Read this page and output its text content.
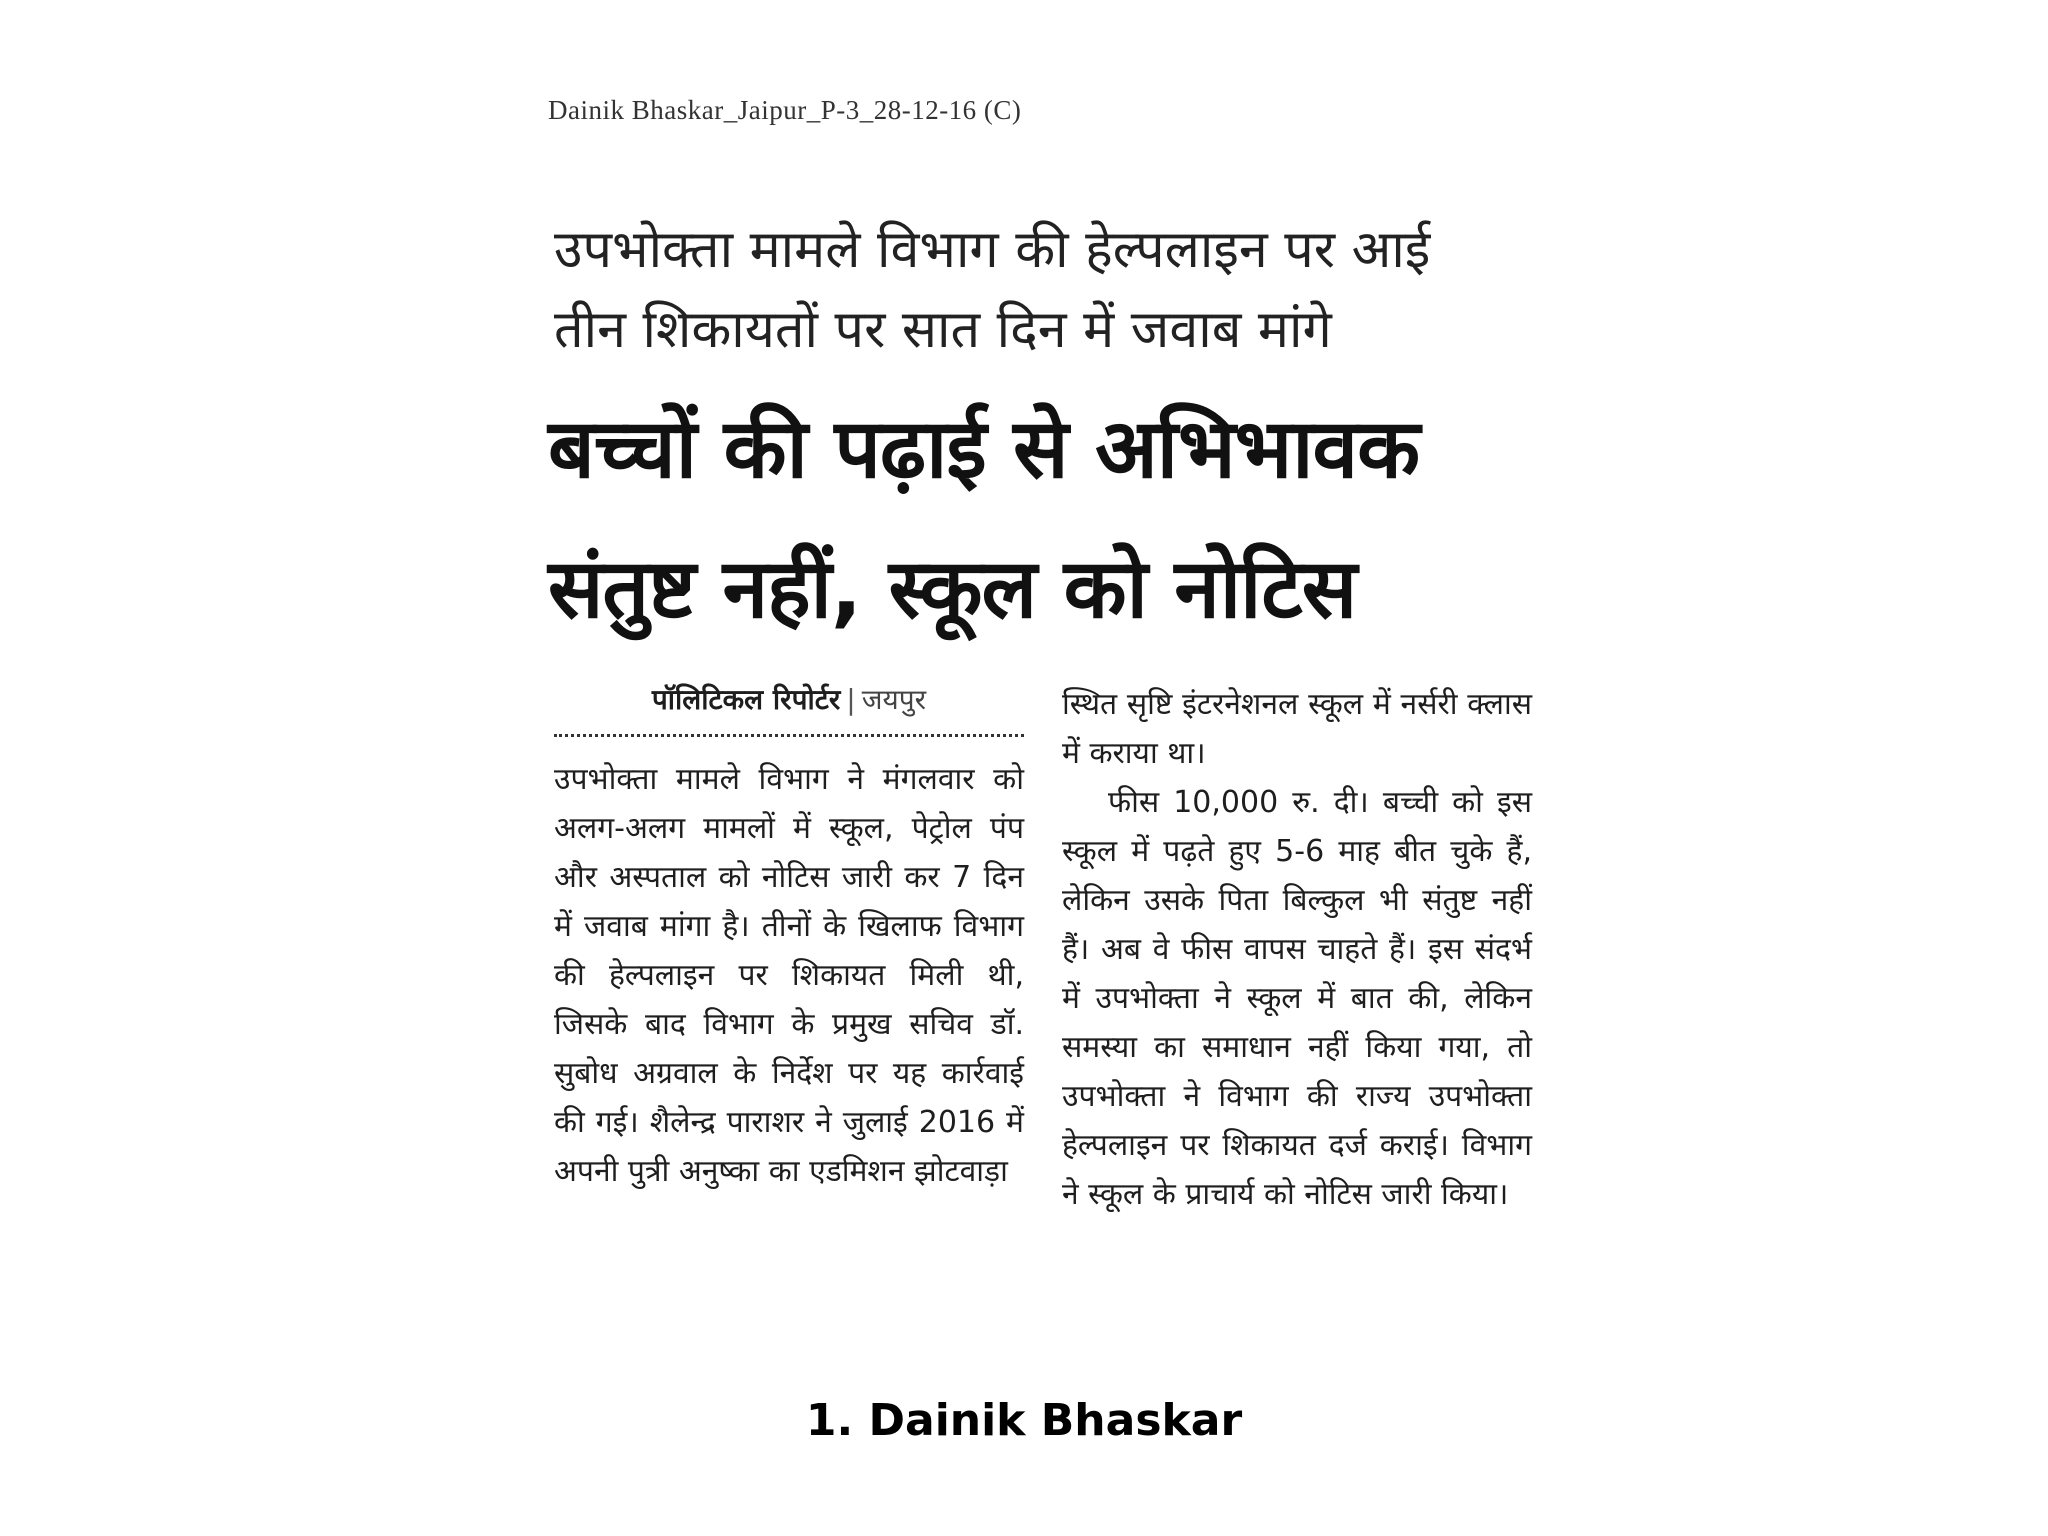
Dainik Bhaskar_Jaipur_P-3_28-12-16 (C)
उपभोक्ता मामले विभाग की हेल्पलाइन पर आई
तीन शिकायतों पर सात दिन में जवाब मांगे
बच्चों की पढ़ाई से अभिभावक
संतुष्ट नहीं, स्कूल को नोटिस
पॉलिटिकल रिपोर्टर | जयपुर

उपभोक्ता मामले विभाग ने मंगलवार को अलग-अलग मामलों में स्कूल, पेट्रोल पंप और अस्पताल को नोटिस जारी कर 7 दिन में जवाब मांगा है। तीनों के खिलाफ विभाग की हेल्पलाइन पर शिकायत मिली थी, जिसके बाद विभाग के प्रमुख सचिव डॉ. सुबोध अग्रवाल के निर्देश पर यह कार्रवाई की गई। शैलेन्द्र पाराशर ने जुलाई 2016 में अपनी पुत्री अनुष्का का एडमिशन झोटवाड़ा

स्थित सृष्टि इंटरनेशनल स्कूल में नर्सरी क्लास में कराया था।

फीस 10,000 रु. दी। बच्ची को इस स्कूल में पढ़ते हुए 5-6 माह बीत चुके हैं, लेकिन उसके पिता बिल्कुल भी संतुष्ट नहीं हैं। अब वे फीस वापस चाहते हैं। इस संदर्भ में उपभोक्ता ने स्कूल में बात की, लेकिन समस्या का समाधान नहीं किया गया, तो उपभोक्ता ने विभाग की राज्य उपभोक्ता हेल्पलाइन पर शिकायत दर्ज कराई। विभाग ने स्कूल के प्राचार्य को नोटिस जारी किया।

1. Dainik Bhaskar
